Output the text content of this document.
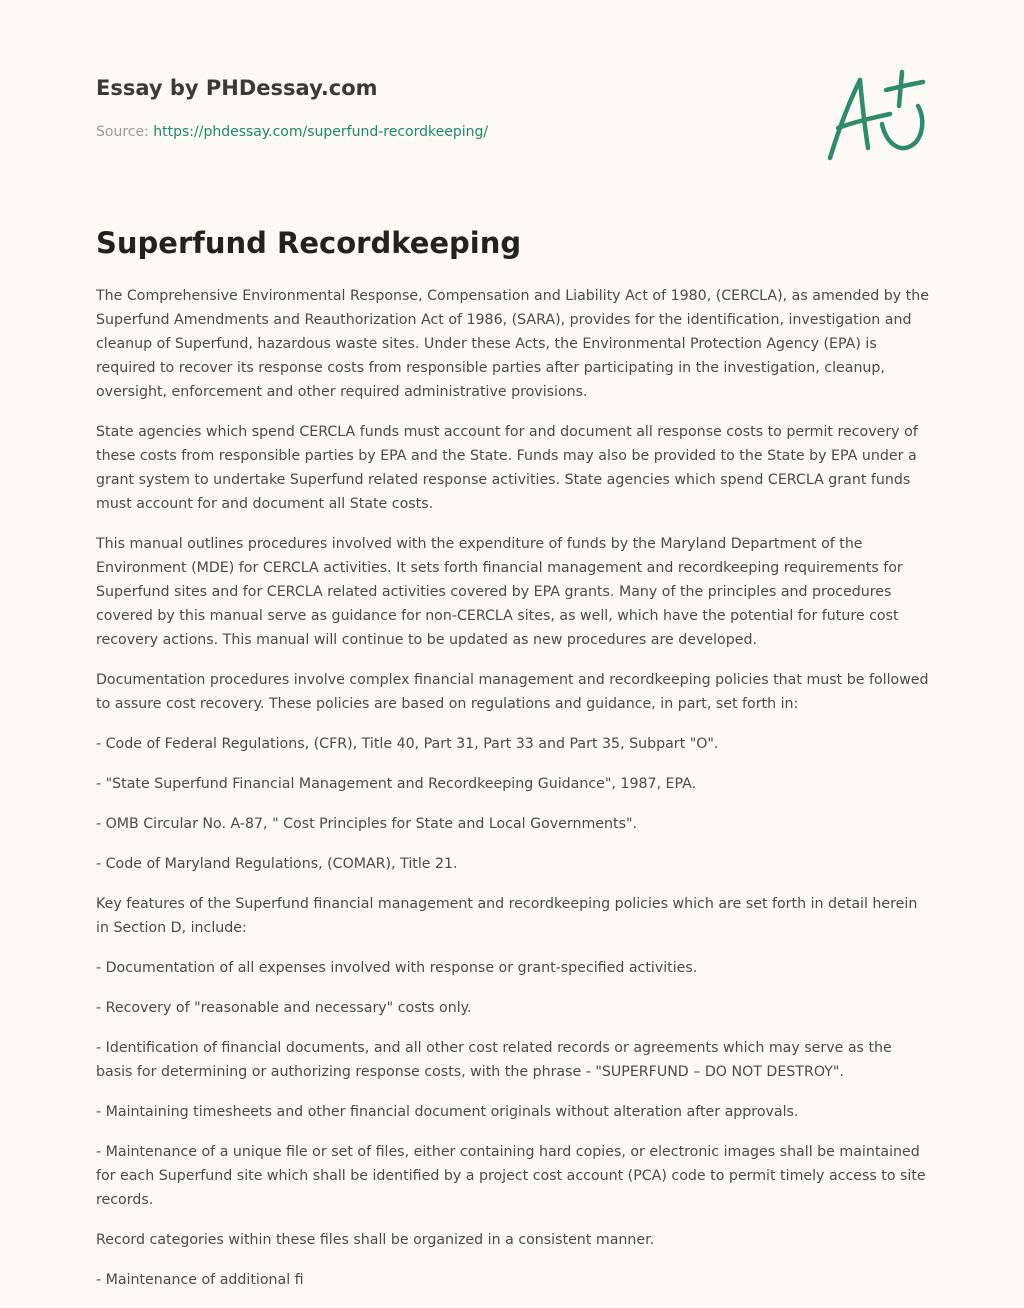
Essay by PHDessay.com

Source: https://phdessay.com/superfund-recordkeeping/

Superfund Recordkeeping

The Comprehensive Environmental Response, Compensation and Liability Act of 1980, (CERCLA), as amended by the Superfund Amendments and Reauthorization Act of 1986, (SARA), provides for the identification, investigation and cleanup of Superfund, hazardous waste sites. Under these Acts, the Environmental Protection Agency (EPA) is required to recover its response costs from responsible parties after participating in the investigation, cleanup, oversight, enforcement and other required administrative provisions.

State agencies which spend CERCLA funds must account for and document all response costs to permit recovery of these costs from responsible parties by EPA and the State. Funds may also be provided to the State by EPA under a grant system to undertake Superfund related response activities. State agencies which spend CERCLA grant funds must account for and document all State costs.

This manual outlines procedures involved with the expenditure of funds by the Maryland Department of the Environment (MDE) for CERCLA activities. It sets forth financial management and recordkeeping requirements for Superfund sites and for CERCLA related activities covered by EPA grants. Many of the principles and procedures covered by this manual serve as guidance for non-CERCLA sites, as well, which have the potential for future cost recovery actions. This manual will continue to be updated as new procedures are developed.

Documentation procedures involve complex financial management and recordkeeping policies that must be followed to assure cost recovery. These policies are based on regulations and guidance, in part, set forth in:

- Code of Federal Regulations, (CFR), Title 40, Part 31, Part 33 and Part 35, Subpart "O".

- "State Superfund Financial Management and Recordkeeping Guidance", 1987, EPA.

- OMB Circular No. A-87, " Cost Principles for State and Local Governments".

- Code of Maryland Regulations, (COMAR), Title 21.

Key features of the Superfund financial management and recordkeeping policies which are set forth in detail herein in Section D, include:

- Documentation of all expenses involved with response or grant-specified activities.

- Recovery of "reasonable and necessary" costs only.

- Identification of financial documents, and all other cost related records or agreements which may serve as the basis for determining or authorizing response costs, with the phrase - "SUPERFUND – DO NOT DESTROY".

- Maintaining timesheets and other financial document originals without alteration after approvals.

- Maintenance of a unique file or set of files, either containing hard copies, or electronic images shall be maintained for each Superfund site which shall be identified by a project cost account (PCA) code to permit timely access to site records.

Record categories within these files shall be organized in a consistent manner.

- Maintenance of additional fi
